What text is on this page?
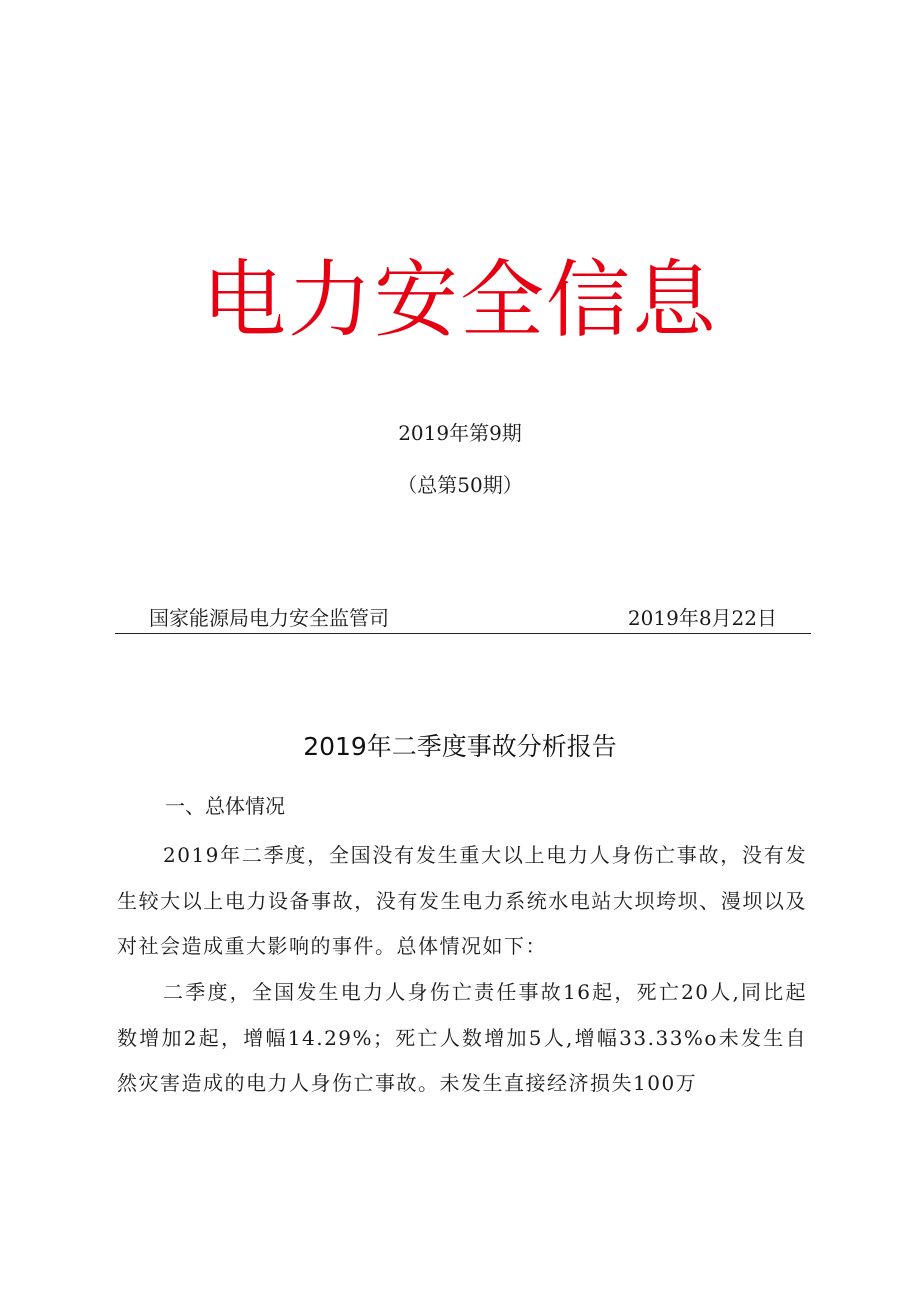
电力安全信息
2019年第9期
（总第50期）
国家能源局电力安全监管司	2019年8月22日
2019年二季度事故分析报告
一、总体情况
2019年二季度，全国没有发生重大以上电力人身伤亡事故，没有发生较大以上电力设备事故，没有发生电力系统水电站大坝垮坝、漫坝以及对社会造成重大影响的事件。总体情况如下：
二季度，全国发生电力人身伤亡责任事故16起，死亡20人,同比起数增加2起，增幅14.29%；死亡人数增加5人,增幅33.33%o未发生自然灾害造成的电力人身伤亡事故。未发生直接经济损失100万
